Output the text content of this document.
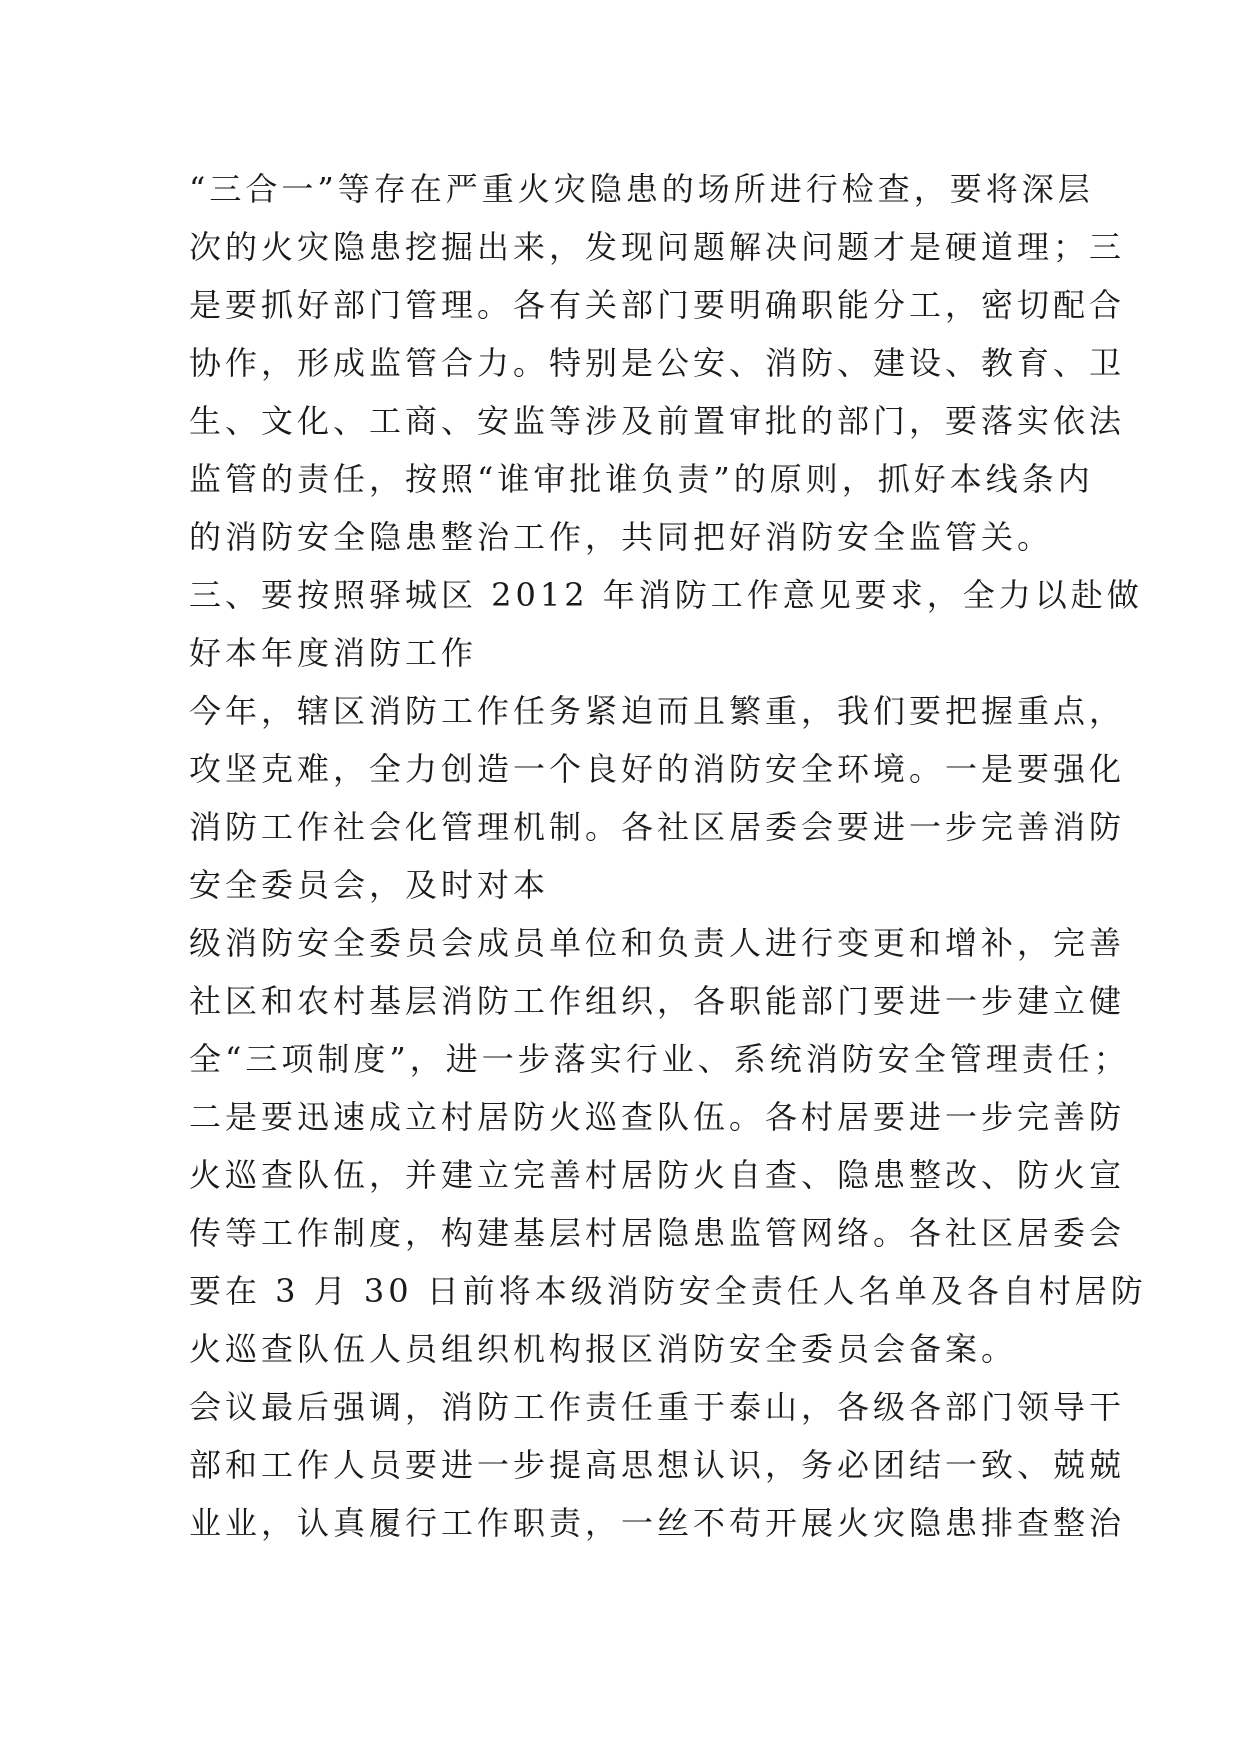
“三合一”等存在严重火灾隐患的场所进行检查，要将深层
次的火灾隐患挖掘出来，发现问题解决问题才是硬道理；三
是要抓好部门管理。各有关部门要明确职能分工，密切配合
协作，形成监管合力。特别是公安、消防、建设、教育、卫
生、文化、工商、安监等涉及前置审批的部门，要落实依法
监管的责任，按照“谁审批谁负责”的原则，抓好本线条内
的消防安全隐患整治工作，共同把好消防安全监管关。
三、要按照驿城区 2012 年消防工作意见要求，全力以赴做
好本年度消防工作
今年，辖区消防工作任务紧迫而且繁重，我们要把握重点，
攻坚克难，全力创造一个良好的消防安全环境。一是要强化
消防工作社会化管理机制。各社区居委会要进一步完善消防
安全委员会，及时对本
级消防安全委员会成员单位和负责人进行变更和增补，完善
社区和农村基层消防工作组织，各职能部门要进一步建立健
全“三项制度”，进一步落实行业、系统消防安全管理责任；
二是要迅速成立村居防火巡查队伍。各村居要进一步完善防
火巡查队伍，并建立完善村居防火自查、隐患整改、防火宣
传等工作制度，构建基层村居隐患监管网络。各社区居委会
要在 3 月 30 日前将本级消防安全责任人名单及各自村居防
火巡查队伍人员组织机构报区消防安全委员会备案。
会议最后强调，消防工作责任重于泰山，各级各部门领导干
部和工作人员要进一步提高思想认识，务必团结一致、兢兢
业业，认真履行工作职责，一丝不苟开展火灾隐患排查整治
